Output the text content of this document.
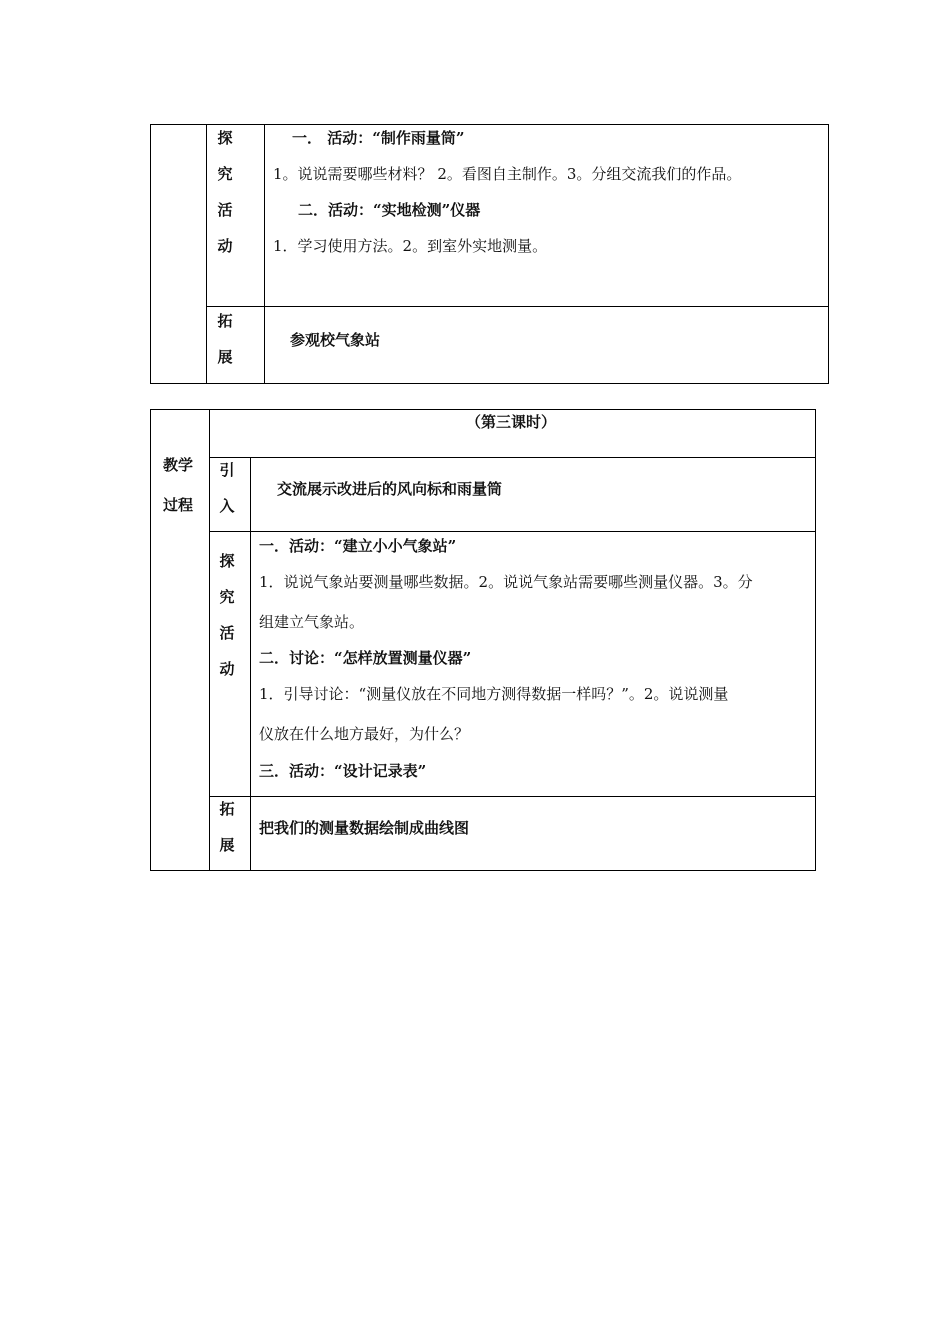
探
究
活
动
一． 活动：“制作雨量筒”
1。说说需要哪些材料？ 2。看图自主制作。3。分组交流我们的作品。
二．活动：“实地检测”仪器
1．学习使用方法。2。到室外实地测量。
拓
展
参观校气象站
教学
过程
（第三课时）
引
入
交流展示改进后的风向标和雨量筒
探
究
活
动
一．活动：“建立小小气象站”
1．说说气象站要测量哪些数据。2。说说气象站需要哪些测量仪器。3。分
组建立气象站。
二．讨论：“怎样放置测量仪器”
1．引导讨论：“测量仪放在不同地方测得数据一样吗？”。2。说说测量
仪放在什么地方最好，为什么？
三．活动：“设计记录表”
拓
展
把我们的测量数据绘制成曲线图
